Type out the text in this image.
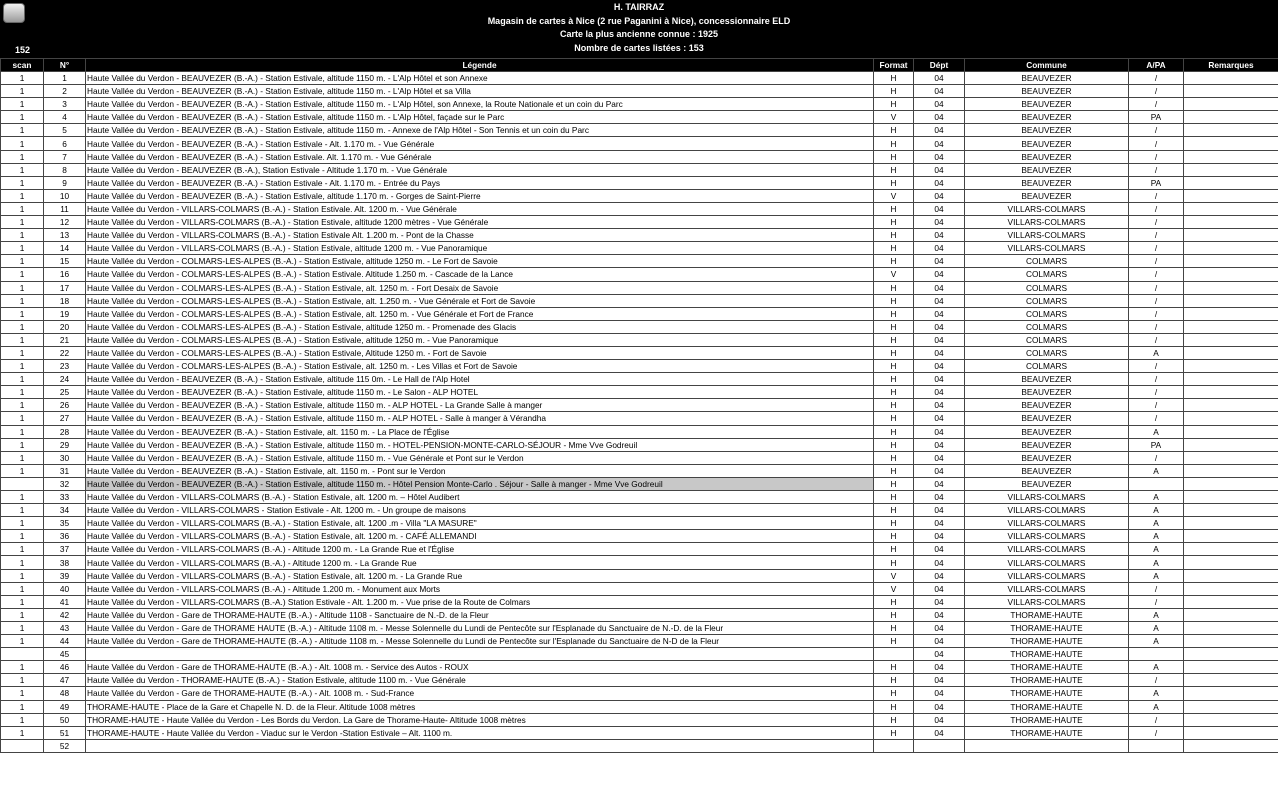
H. TAIRRAZ
Magasin de cartes à Nice (2 rue Paganini à Nice), concessionnaire ELD
Carte la plus ancienne connue : 1925
Nombre de cartes listées : 153
152
scan	N°	Légende	Format	Dépt	Commune	A/PA	Remarques
1	1	Haute Vallée du Verdon - BEAUVEZER (B.-A.) - Station Estivale, altitude 1150 m. - L'Alp Hôtel et son Annexe	H	04	BEAUVEZER	/	
1	2	Haute Vallée du Verdon - BEAUVEZER (B.-A.) - Station Estivale, altitude 1150 m. - L'Alp Hôtel et sa Villa	H	04	BEAUVEZER	/	
1	3	Haute Vallée du Verdon - BEAUVEZER (B.-A.) - Station Estivale, altitude 1150 m. - L'Alp Hôtel, son Annexe, la Route Nationale et un coin du Parc	H	04	BEAUVEZER	/	
1	4	Haute Vallée du Verdon - BEAUVEZER (B.-A.) - Station Estivale, altitude 1150 m. - L'Alp Hôtel, façade sur le Parc	V	04	BEAUVEZER	PA	
1	5	Haute Vallée du Verdon - BEAUVEZER (B.-A.) - Station Estivale, altitude 1150 m. - Annexe de l'Alp Hôtel - Son Tennis et un coin du Parc	H	04	BEAUVEZER	/	
1	6	Haute Vallée du Verdon - BEAUVEZER (B.-A.) - Station Estivale - Alt. 1.170 m. - Vue Générale	H	04	BEAUVEZER	/	
1	7	Haute Vallée du Verdon - BEAUVEZER (B.-A.) - Station Estivale. Alt. 1.170 m. - Vue Générale	H	04	BEAUVEZER	/	
1	8	Haute Vallée du Verdon - BEAUVEZER (B.-A.), Station Estivale - Altitude 1.170 m. - Vue Générale	H	04	BEAUVEZER	/	
1	9	Haute Vallée du Verdon - BEAUVEZER (B.-A.) - Station Estivale - Alt. 1.170 m. - Entrée du Pays	H	04	BEAUVEZER	PA	
1	10	Haute Vallée du Verdon - BEAUVEZER (B.-A.) - Station Estivale, altitude 1.170 m. - Gorges de Saint-Pierre	V	04	BEAUVEZER	/	
1	11	Haute Vallée du Verdon - VILLARS-COLMARS (B.-A.) - Station Estivale. Alt. 1200 m. - Vue Générale	H	04	VILLARS-COLMARS	/	
1	12	Haute Vallée du Verdon - VILLARS-COLMARS (B.-A.) - Station Estivale, altitude 1200 mètres - Vue Générale	H	04	VILLARS-COLMARS	/	
1	13	Haute Vallée du Verdon - VILLARS-COLMARS (B.-A.) - Station Estivale Alt. 1.200 m. - Pont de la Chasse	H	04	VILLARS-COLMARS	/	
1	14	Haute Vallée du Verdon - VILLARS-COLMARS (B.-A.) - Station Estivale, altitude 1200 m. - Vue Panoramique	H	04	VILLARS-COLMARS	/	
1	15	Haute Vallée du Verdon - COLMARS-LES-ALPES (B.-A.) - Station Estivale, altitude 1250 m. - Le Fort de Savoie	H	04	COLMARS	/	
1	16	Haute Vallée du Verdon - COLMARS-LES-ALPES (B.-A.) - Station Estivale. Altitude 1.250 m. - Cascade de la Lance	V	04	COLMARS	/	
1	17	Haute Vallée du Verdon - COLMARS-LES-ALPES (B.-A.) - Station Estivale, alt. 1250 m. - Fort Desaix de Savoie	H	04	COLMARS	/	
1	18	Haute Vallée du Verdon - COLMARS-LES-ALPES (B.-A.) - Station Estivale, alt. 1.250 m. - Vue Générale et Fort de Savoie	H	04	COLMARS	/	
1	19	Haute Vallée du Verdon - COLMARS-LES-ALPES (B.-A.) - Station Estivale, alt. 1250 m. - Vue Générale et Fort de France	H	04	COLMARS	/	
1	20	Haute Vallée du Verdon - COLMARS-LES-ALPES (B.-A.) - Station Estivale, altitude 1250 m. - Promenade des Glacis	H	04	COLMARS	/	
1	21	Haute Vallée du Verdon - COLMARS-LES-ALPES (B.-A.) - Station Estivale, altitude 1250 m. - Vue Panoramique	H	04	COLMARS	/	
1	22	Haute Vallée du Verdon - COLMARS-LES-ALPES (B.-A.) - Station Estivale, Altitude 1250 m. - Fort de Savoie	H	04	COLMARS	A	
1	23	Haute Vallée du Verdon - COLMARS-LES-ALPES (B.-A.) - Station Estivale, alt. 1250 m. - Les Villas et Fort de Savoie	H	04	COLMARS	/	
1	24	Haute Vallée du Verdon - BEAUVEZER (B.-A.) - Station Estivale, altitude 115 0m. - Le Hall de l'Alp Hotel	H	04	BEAUVEZER	/	
1	25	Haute Vallée du Verdon - BEAUVEZER (B.-A.) - Station Estivale, altitude 1150 m. - Le Salon - ALP HOTEL	H	04	BEAUVEZER	/	
1	26	Haute Vallée du Verdon - BEAUVEZER (B.-A.) - Station Estivale, altitude 1150 m. - ALP HOTEL - La Grande Salle à manger	H	04	BEAUVEZER	/	
1	27	Haute Vallée du Verdon - BEAUVEZER (B.-A.) - Station Estivale, altitude 1150 m. - ALP HOTEL - Salle à manger à Vérandha	H	04	BEAUVEZER	/	
1	28	Haute Vallée du Verdon - BEAUVEZER (B.-A.) - Station Estivale, alt. 1150 m. - La Place de l'Église	H	04	BEAUVEZER	A	
1	29	Haute Vallée du Verdon - BEAUVEZER (B.-A.) - Station Estivale, altitude 1150 m. - HOTEL-PENSION-MONTE-CARLO-SÉJOUR - Mme Vve Godreuil	H	04	BEAUVEZER	PA	
1	30	Haute Vallée du Verdon - BEAUVEZER (B.-A.) - Station Estivale, altitude 1150 m. - Vue Générale et Pont sur le Verdon	H	04	BEAUVEZER	/	
1	31	Haute Vallée du Verdon - BEAUVEZER (B.-A.) - Station Estivale, alt. 1150 m. - Pont sur le Verdon	H	04	BEAUVEZER	A	
	32	Haute Vallée du Verdon - BEAUVEZER (B.-A.) - Station Estivale, altitude 1150 m. - Hôtel Pension Monte-Carlo . Séjour - Salle à manger - Mme Vve Godreuil	H	04	BEAUVEZER		
1	33	Haute Vallée du Verdon - VILLARS-COLMARS (B.-A.) - Station Estivale, alt. 1200 m. – Hôtel Audibert	H	04	VILLARS-COLMARS	A	
1	34	Haute Vallée du Verdon - VILLARS-COLMARS - Station Estivale - Alt. 1200 m. - Un groupe de maisons	H	04	VILLARS-COLMARS	A	
1	35	Haute Vallée du Verdon - VILLARS-COLMARS (B.-A.) - Station Estivale, alt. 1200 .m - Villa "LA MASURE"	H	04	VILLARS-COLMARS	A	
1	36	Haute Vallée du Verdon - VILLARS-COLMARS (B.-A.) - Station Estivale, alt. 1200 m. - CAFÉ ALLEMANDI	H	04	VILLARS-COLMARS	A	
1	37	Haute Vallée du Verdon - VILLARS-COLMARS (B.-A.) - Altitude 1200 m. - La Grande Rue et l'Église	H	04	VILLARS-COLMARS	A	
1	38	Haute Vallée du Verdon - VILLARS-COLMARS (B.-A.) - Altitude 1200 m. - La Grande Rue	H	04	VILLARS-COLMARS	A	
1	39	Haute Vallée du Verdon - VILLARS-COLMARS (B.-A.) - Station Estivale, alt. 1200 m. - La Grande Rue	V	04	VILLARS-COLMARS	A	
1	40	Haute Vallée du Verdon - VILLARS-COLMARS (B.-A.) - Altitude 1.200 m. - Monument aux Morts	V	04	VILLARS-COLMARS	/	
1	41	Haute Vallée du Verdon - VILLARS-COLMARS (B.-A.) Station Estivale - Alt. 1.200 m. - Vue prise de la Route de Colmars	H	04	VILLARS-COLMARS	/	
1	42	Haute Vallée du Verdon - Gare de THORAME-HAUTE (B.-A.) - Altitude 1108 - Sanctuaire de N.-D. de la Fleur	H	04	THORAME-HAUTE	A	
1	43	Haute Vallée du Verdon - Gare de THORAME HAUTE (B.-A.) - Altitude 1108 m. - Messe Solennelle du Lundi de Pentecôte sur l'Esplanade du Sanctuaire de N.-D. de la Fleur	H	04	THORAME-HAUTE	A	
1	44	Haute Vallée du Verdon - Gare de THORAME-HAUTE (B.-A.) - Altitude 1108 m. - Messe Solennelle du Lundi de Pentecôte sur l'Esplanade du Sanctuaire de N-D de la Fleur	H	04	THORAME-HAUTE	A	
	45			04	THORAME-HAUTE		
1	46	Haute Vallée du Verdon - Gare de THORAME-HAUTE (B.-A.) - Alt. 1008 m. - Service des Autos - ROUX	H	04	THORAME-HAUTE	A	
1	47	Haute Vallée du Verdon - THORAME-HAUTE (B.-A.) - Station Estivale, altitude 1100 m. - Vue Générale	H	04	THORAME-HAUTE	/	
1	48	Haute Vallée du Verdon - Gare de THORAME-HAUTE (B.-A.) - Alt. 1008 m. - Sud-France	H	04	THORAME-HAUTE	A	
1	49	THORAME-HAUTE - Place de la Gare et Chapelle N. D. de la Fleur. Altitude 1008 mètres	H	04	THORAME-HAUTE	A	
1	50	THORAME-HAUTE - Haute Vallée du Verdon - Les Bords du Verdon. La Gare de Thorame-Haute- Altitude 1008 mètres	H	04	THORAME-HAUTE	/	
1	51	THORAME-HAUTE - Haute Vallée du Verdon - Viaduc sur le Verdon -Station Estivale – Alt. 1100 m.	H	04	THORAME-HAUTE	/	
	52						
